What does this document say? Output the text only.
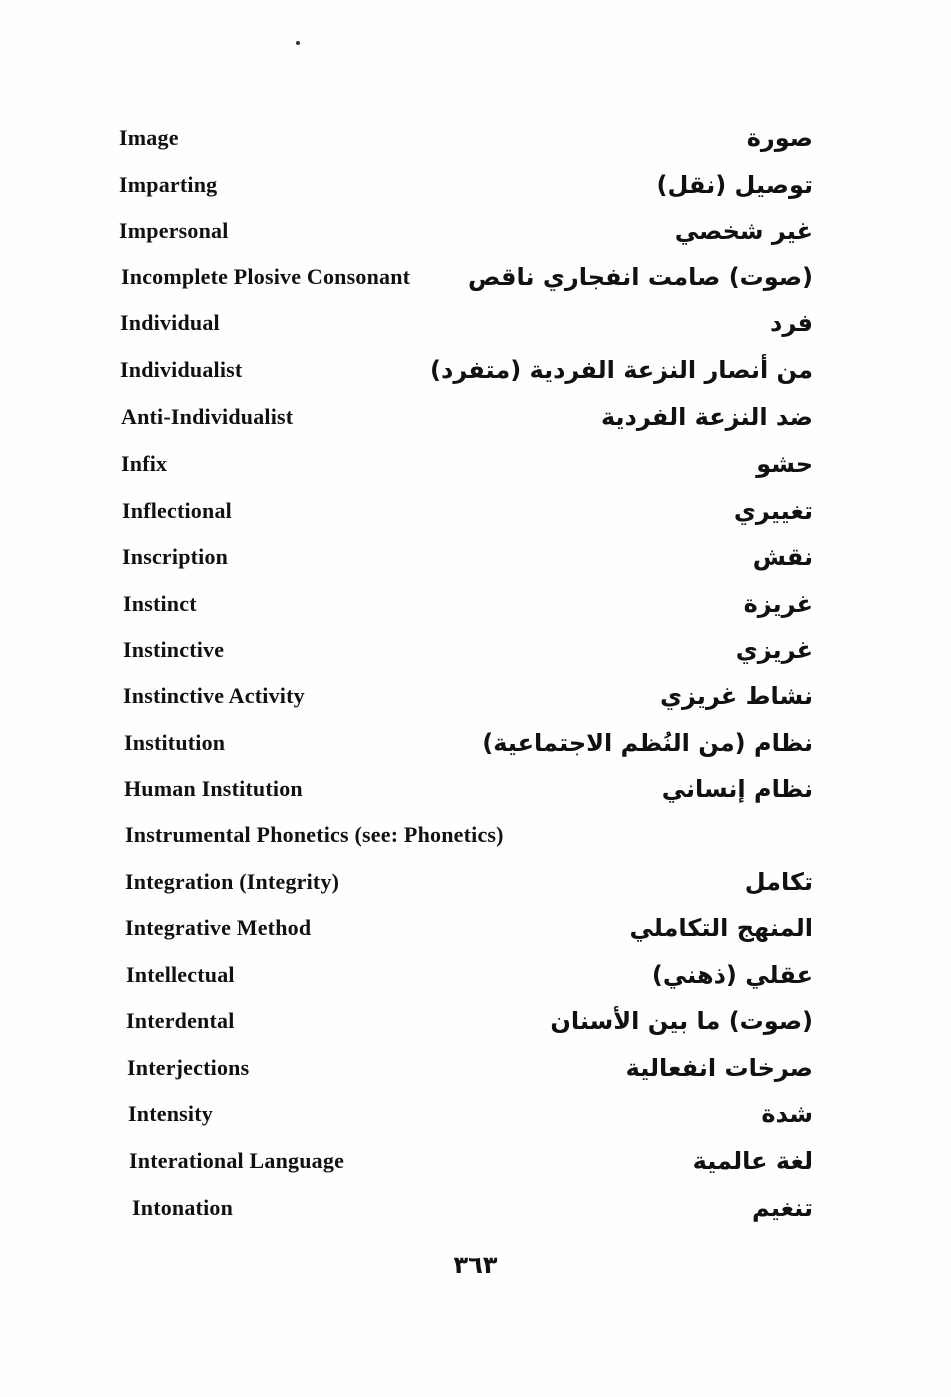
Image	صورة
Imparting	توصيل (نقل)
Impersonal	غير شخصي
Incomplete Plosive Consonant (صوت) صامت انفجاري ناقص
Individual	فرد
Individualist	من أنصار النزعة الفردية (متفرد)
Anti-Individualist	ضد النزعة الفردية
Infix	حشو
Inflectional	تغييري
Inscription	نقش
Instinct	غريزة
Instinctive	غريزي
Instinctive Activity	نشاط غريزي
Institution	نظام (من النُظم الاجتماعية)
Human Institution	نظام إنساني
Instrumental Phonetics (see: Phonetics)
Integration (Integrity)	تكامل
Integrative Method	المنهج التكاملي
Intellectual	عقلي (ذهني)
Interdental	(صوت) ما بين الأسنان
Interjections	صرخات انفعالية
Intensity	شدة
Interational Language	لغة عالمية
Intonation	تنغيم
٣٦٣
